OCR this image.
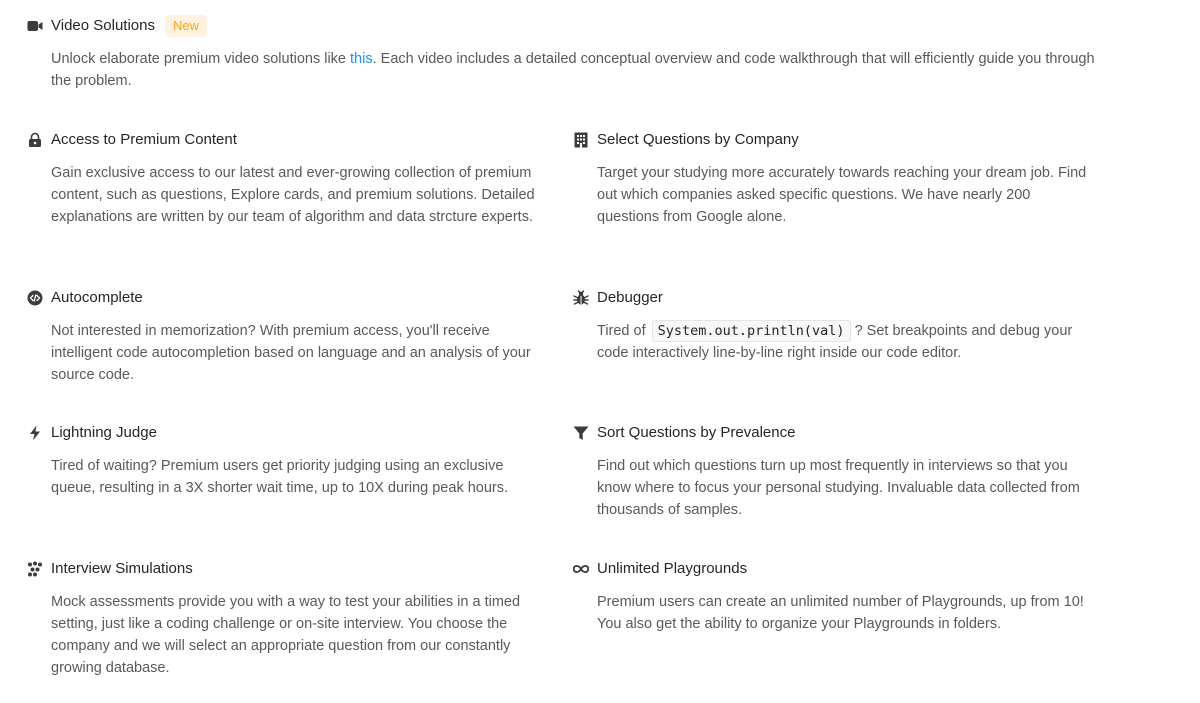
Video Solutions New

Unlock elaborate premium video solutions like this. Each video includes a detailed conceptual overview and code walkthrough that will efficiently guide you through the problem.

Access to Premium Content

Gain exclusive access to our latest and ever-growing collection of premium content, such as questions, Explore cards, and premium solutions. Detailed explanations are written by our team of algorithm and data strcture experts.

Select Questions by Company

Target your studying more accurately towards reaching your dream job. Find out which companies asked specific questions. We have nearly 200 questions from Google alone.

Autocomplete

Not interested in memorization? With premium access, you'll receive intelligent code autocompletion based on language and an analysis of your source code.

Debugger

Tired of System.out.println(val) ? Set breakpoints and debug your code interactively line-by-line right inside our code editor.

Lightning Judge

Tired of waiting? Premium users get priority judging using an exclusive queue, resulting in a 3X shorter wait time, up to 10X during peak hours.

Sort Questions by Prevalence

Find out which questions turn up most frequently in interviews so that you know where to focus your personal studying. Invaluable data collected from thousands of samples.

Interview Simulations

Mock assessments provide you with a way to test your abilities in a timed setting, just like a coding challenge or on-site interview. You choose the company and we will select an appropriate question from our constantly growing database.

Unlimited Playgrounds

Premium users can create an unlimited number of Playgrounds, up from 10! You also get the ability to organize your Playgrounds in folders.
